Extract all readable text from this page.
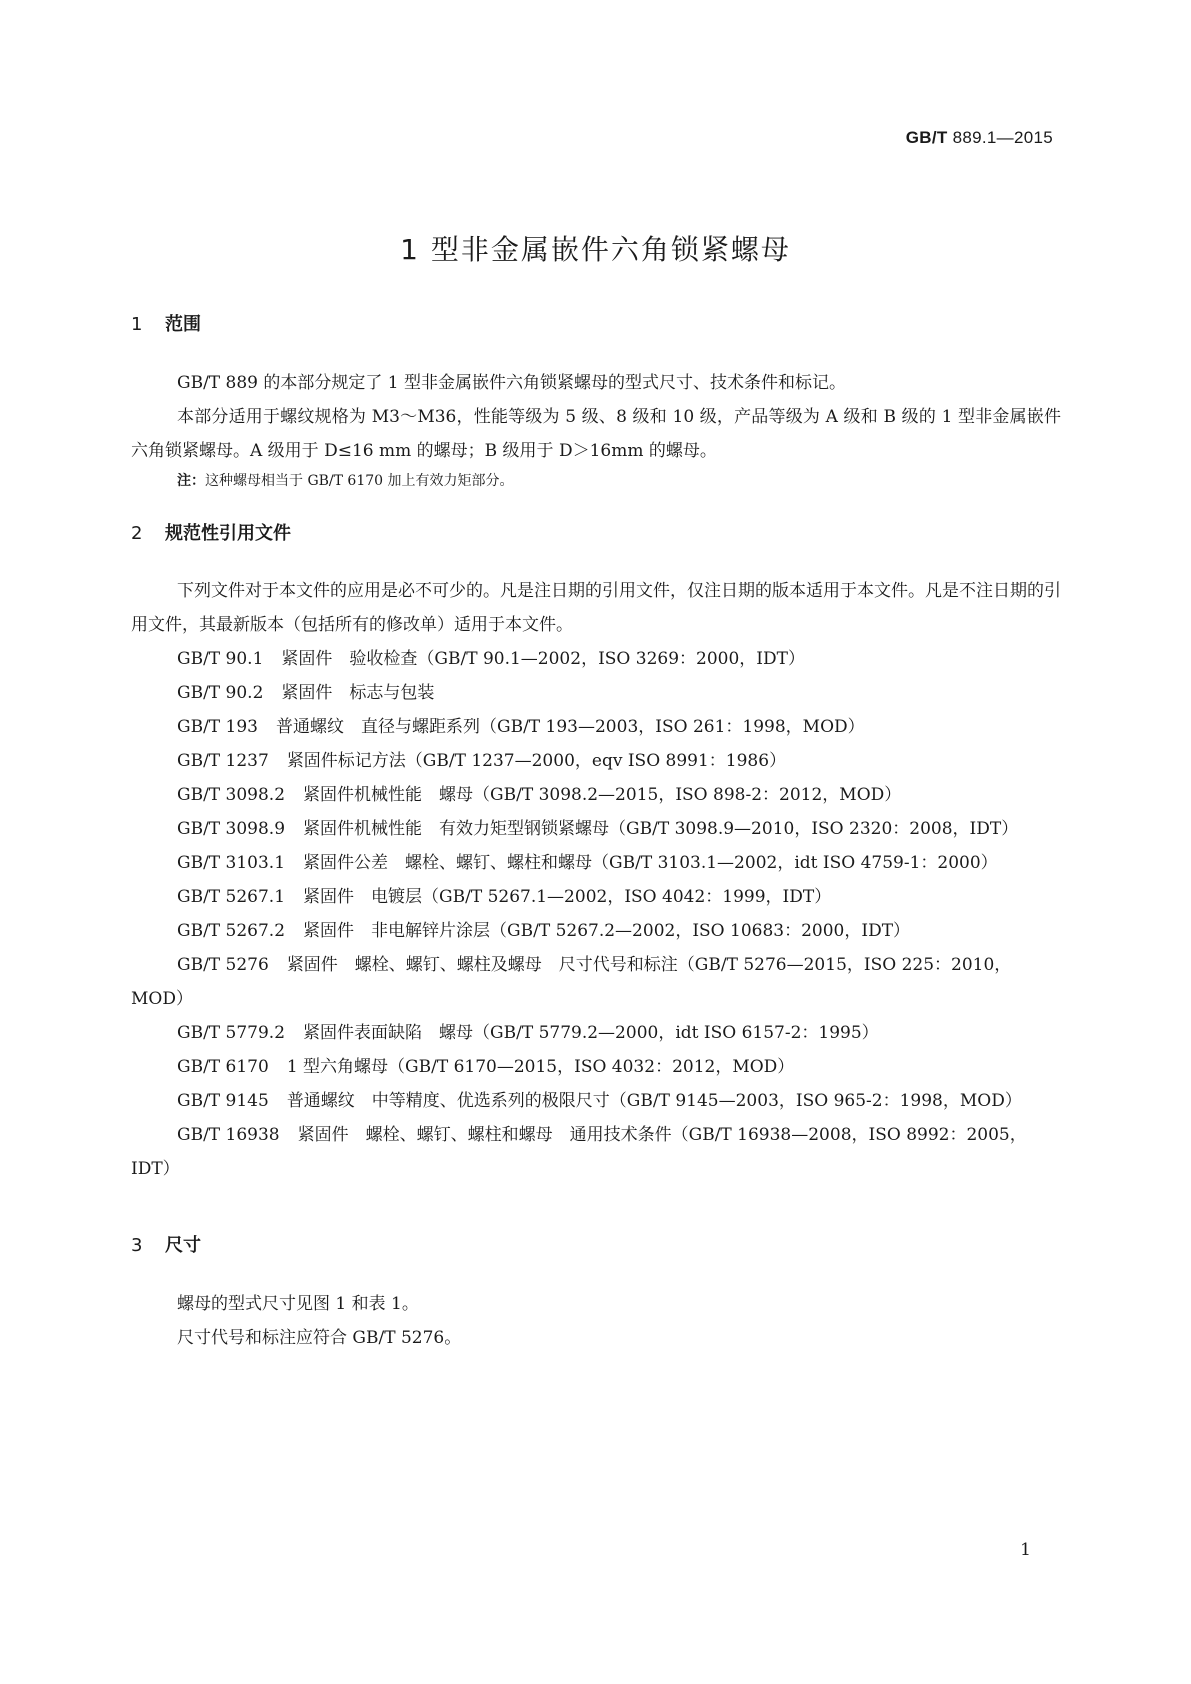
GB/T 889.1—2015
1 型非金属嵌件六角锁紧螺母
1 范围

GB/T 889 的本部分规定了 1 型非金属嵌件六角锁紧螺母的型式尺寸、技术条件和标记。

本部分适用于螺纹规格为 M3～M36，性能等级为 5 级、8 级和 10 级，产品等级为 A 级和 B 级的 1 型非金属嵌件六角锁紧螺母。A 级用于 D≤16 mm 的螺母；B 级用于 D＞16mm 的螺母。

注：这种螺母相当于 GB/T 6170 加上有效力矩部分。

2 规范性引用文件

下列文件对于本文件的应用是必不可少的。凡是注日期的引用文件，仅注日期的版本适用于本文件。凡是不注日期的引用文件，其最新版本（包括所有的修改单）适用于本文件。

GB/T 90.1 紧固件　验收检查（GB/T 90.1—2002，ISO 3269：2000，IDT）

GB/T 90.2 紧固件　标志与包装

GB/T 193 普通螺纹　直径与螺距系列（GB/T 193—2003，ISO 261：1998，MOD）

GB/T 1237 紧固件标记方法（GB/T 1237—2000，eqv ISO 8991：1986）

GB/T 3098.2 紧固件机械性能　螺母（GB/T 3098.2—2015，ISO 898-2：2012，MOD）

GB/T 3098.9 紧固件机械性能　有效力矩型钢锁紧螺母（GB/T 3098.9—2010，ISO 2320：2008，IDT）

GB/T 3103.1 紧固件公差　螺栓、螺钉、螺柱和螺母（GB/T 3103.1—2002，idt ISO 4759-1：2000）

GB/T 5267.1 紧固件　电镀层（GB/T 5267.1—2002，ISO 4042：1999，IDT）

GB/T 5267.2 紧固件　非电解锌片涂层（GB/T 5267.2—2002，ISO 10683：2000，IDT）

GB/T 5276 紧固件　螺栓、螺钉、螺柱及螺母　尺寸代号和标注（GB/T 5276—2015，ISO 225：2010，MOD）

GB/T 5779.2 紧固件表面缺陷　螺母（GB/T 5779.2—2000，idt ISO 6157-2：1995）

GB/T 6170 1 型六角螺母（GB/T 6170—2015，ISO 4032：2012，MOD）

GB/T 9145 普通螺纹　中等精度、优选系列的极限尺寸（GB/T 9145—2003，ISO 965-2：1998，MOD）

GB/T 16938 紧固件　螺栓、螺钉、螺柱和螺母　通用技术条件（GB/T 16938—2008，ISO 8992：2005，IDT）

3 尺寸

螺母的型式尺寸见图 1 和表 1。

尺寸代号和标注应符合 GB/T 5276。

1
